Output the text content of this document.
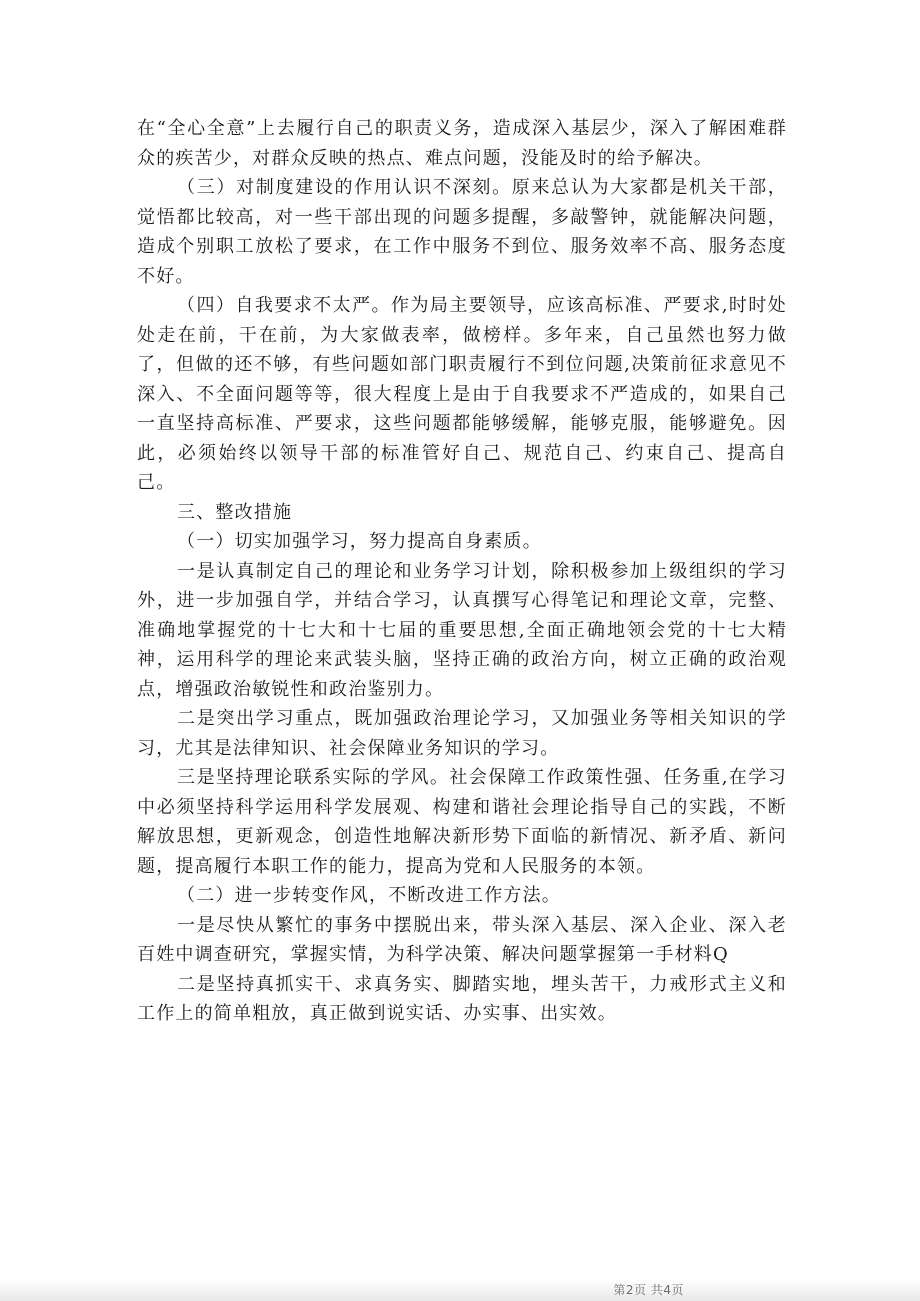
在“全心全意”上去履行自己的职责义务，造成深入基层少，深入了解困难群众的疾苦少，对群众反映的热点、难点问题，没能及时的给予解决。

（三）对制度建设的作用认识不深刻。原来总认为大家都是机关干部，觉悟都比较高，对一些干部出现的问题多提醒，多敲警钟，就能解决问题，造成个别职工放松了要求，在工作中服务不到位、服务效率不高、服务态度不好。

（四）自我要求不太严。作为局主要领导，应该高标准、严要求,时时处处走在前，干在前，为大家做表率，做榜样。多年来，自己虽然也努力做了，但做的还不够，有些问题如部门职责履行不到位问题,决策前征求意见不深入、不全面问题等等，很大程度上是由于自我要求不严造成的，如果自己一直坚持高标准、严要求，这些问题都能够缓解，能够克服，能够避免。因此，必须始终以领导干部的标准管好自己、规范自己、约束自己、提高自己。

三、整改措施

（一）切实加强学习，努力提高自身素质。

一是认真制定自己的理论和业务学习计划，除积极参加上级组织的学习外，进一步加强自学，并结合学习，认真撰写心得笔记和理论文章，完整、准确地掌握党的十七大和十七届的重要思想,全面正确地领会党的十七大精神，运用科学的理论来武装头脑，坚持正确的政治方向，树立正确的政治观点，增强政治敏锐性和政治鉴别力。

二是突出学习重点，既加强政治理论学习，又加强业务等相关知识的学习，尤其是法律知识、社会保障业务知识的学习。

三是坚持理论联系实际的学风。社会保障工作政策性强、任务重,在学习中必须坚持科学运用科学发展观、构建和谐社会理论指导自己的实践，不断解放思想，更新观念，创造性地解决新形势下面临的新情况、新矛盾、新问题，提高履行本职工作的能力，提高为党和人民服务的本领。

（二）进一步转变作风，不断改进工作方法。

一是尽快从繁忙的事务中摆脱出来，带头深入基层、深入企业、深入老百姓中调查研究，掌握实情，为科学决策、解决问题掌握第一手材料Q

二是坚持真抓实干、求真务实、脚踏实地，埋头苦干，力戒形式主义和工作上的简单粗放，真正做到说实话、办实事、出实效。

第2页 共4页
